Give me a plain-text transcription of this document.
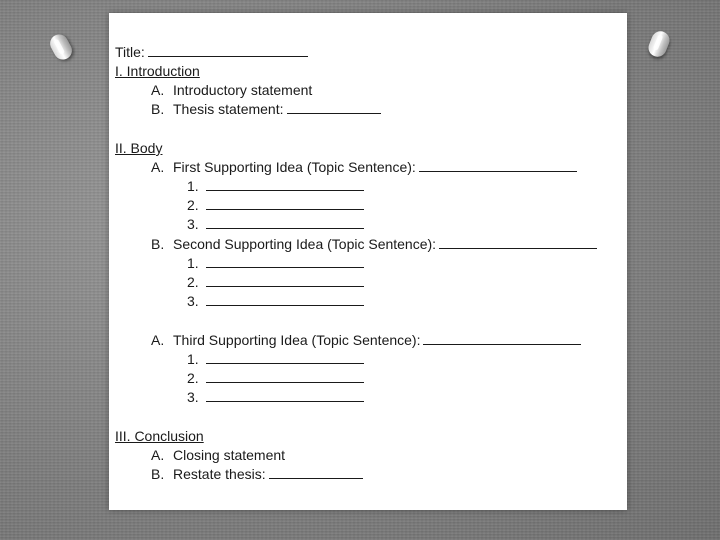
Title:
I. Introduction
A. Introductory statement
B. Thesis statement:
II. Body
A. First Supporting Idea (Topic Sentence):
1.
2.
3.
B. Second Supporting Idea (Topic Sentence):
1.
2.
3.
A. Third Supporting Idea (Topic Sentence):
1.
2.
3.
III. Conclusion
A. Closing statement
B. Restate thesis:
